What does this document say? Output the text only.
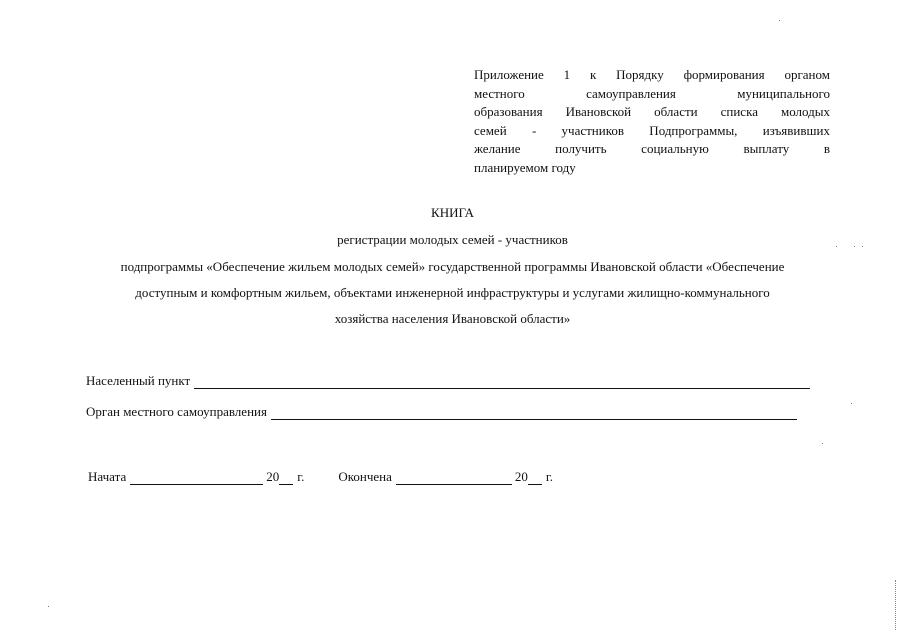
Приложение 1 к Порядку формирования органом
местного самоуправления муниципального
образования Ивановской области списка молодых
семей - участников Подпрограммы, изъявивших
желание получить социальную выплату в
планируемом году
КНИГА
регистрации молодых семей - участников
подпрограммы «Обеспечение жильем молодых семей» государственной программы Ивановской области «Обеспечение
доступным и комфортным жильем, объектами инженерной инфраструктуры и услугами жилищно-коммунального
хозяйства населения Ивановской области»
Населенный пункт
Орган местного самоуправления
Начата	20 г.	Окончена	20 г.
